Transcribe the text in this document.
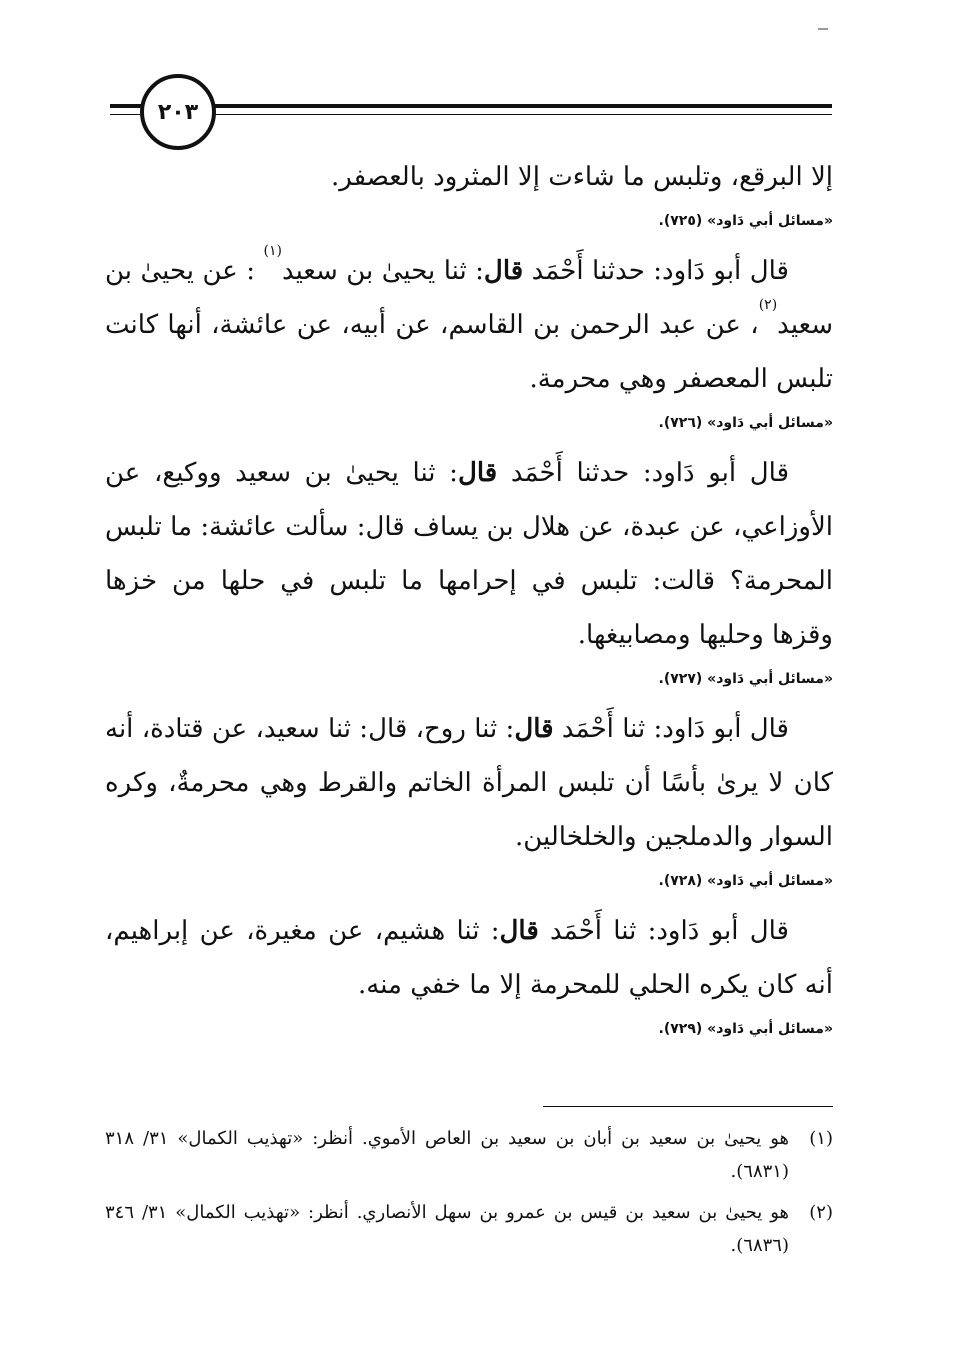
٢٠٣

إلا البرقع، وتلبس ما شاءت إلا المثرود بالعصفر.

«مسائل أبي دَاود» (٧٢٥).

قال أبو دَاود: حدثنا أَحْمَد قال: ثنا يحيىٰ بن سعيد$^{(١)}$ : عن يحيىٰ بن سعيد$^{(٢)}$، عن عبد الرحمن بن القاسم، عن أبيه، عن عائشة، أنها كانت تلبس المعصفر وهي محرمة.

«مسائل أبي دَاود» (٧٢٦).

قال أبو دَاود: حدثنا أَحْمَد قال: ثنا يحيىٰ بن سعيد ووكيع، عن الأوزاعي، عن عبدة، عن هلال بن يساف قال: سألت عائشة: ما تلبس المحرمة؟ قالت: تلبس في إحرامها ما تلبس في حلها من خزها وقزها وحليها ومصابيغها.

«مسائل أبي دَاود» (٧٢٧).

قال أبو دَاود: ثنا أَحْمَد قال: ثنا روح، قال: ثنا سعيد، عن قتادة، أنه كان لا يرىٰ بأسًا أن تلبس المرأة الخاتم والقرط وهي محرمةٌ، وكره السوار والدملجين والخلخالين.

«مسائل أبي دَاود» (٧٢٨).

قال أبو دَاود: ثنا أَحْمَد قال: ثنا هشيم، عن مغيرة، عن إبراهيم، أنه كان يكره الحلي للمحرمة إلا ما خفي منه.

«مسائل أبي دَاود» (٧٢٩).

(١)
هو يحيىٰ بن سعيد بن أبان بن سعيد بن العاص الأموي. أنظر: «تهذيب الكمال» ٣١/ ٣١٨ (٦٨٣١).

(٢)
هو يحيىٰ بن سعيد بن قيس بن عمرو بن سهل الأنصاري. أنظر: «تهذيب الكمال» ٣١/ ٣٤٦ (٦٨٣٦).
